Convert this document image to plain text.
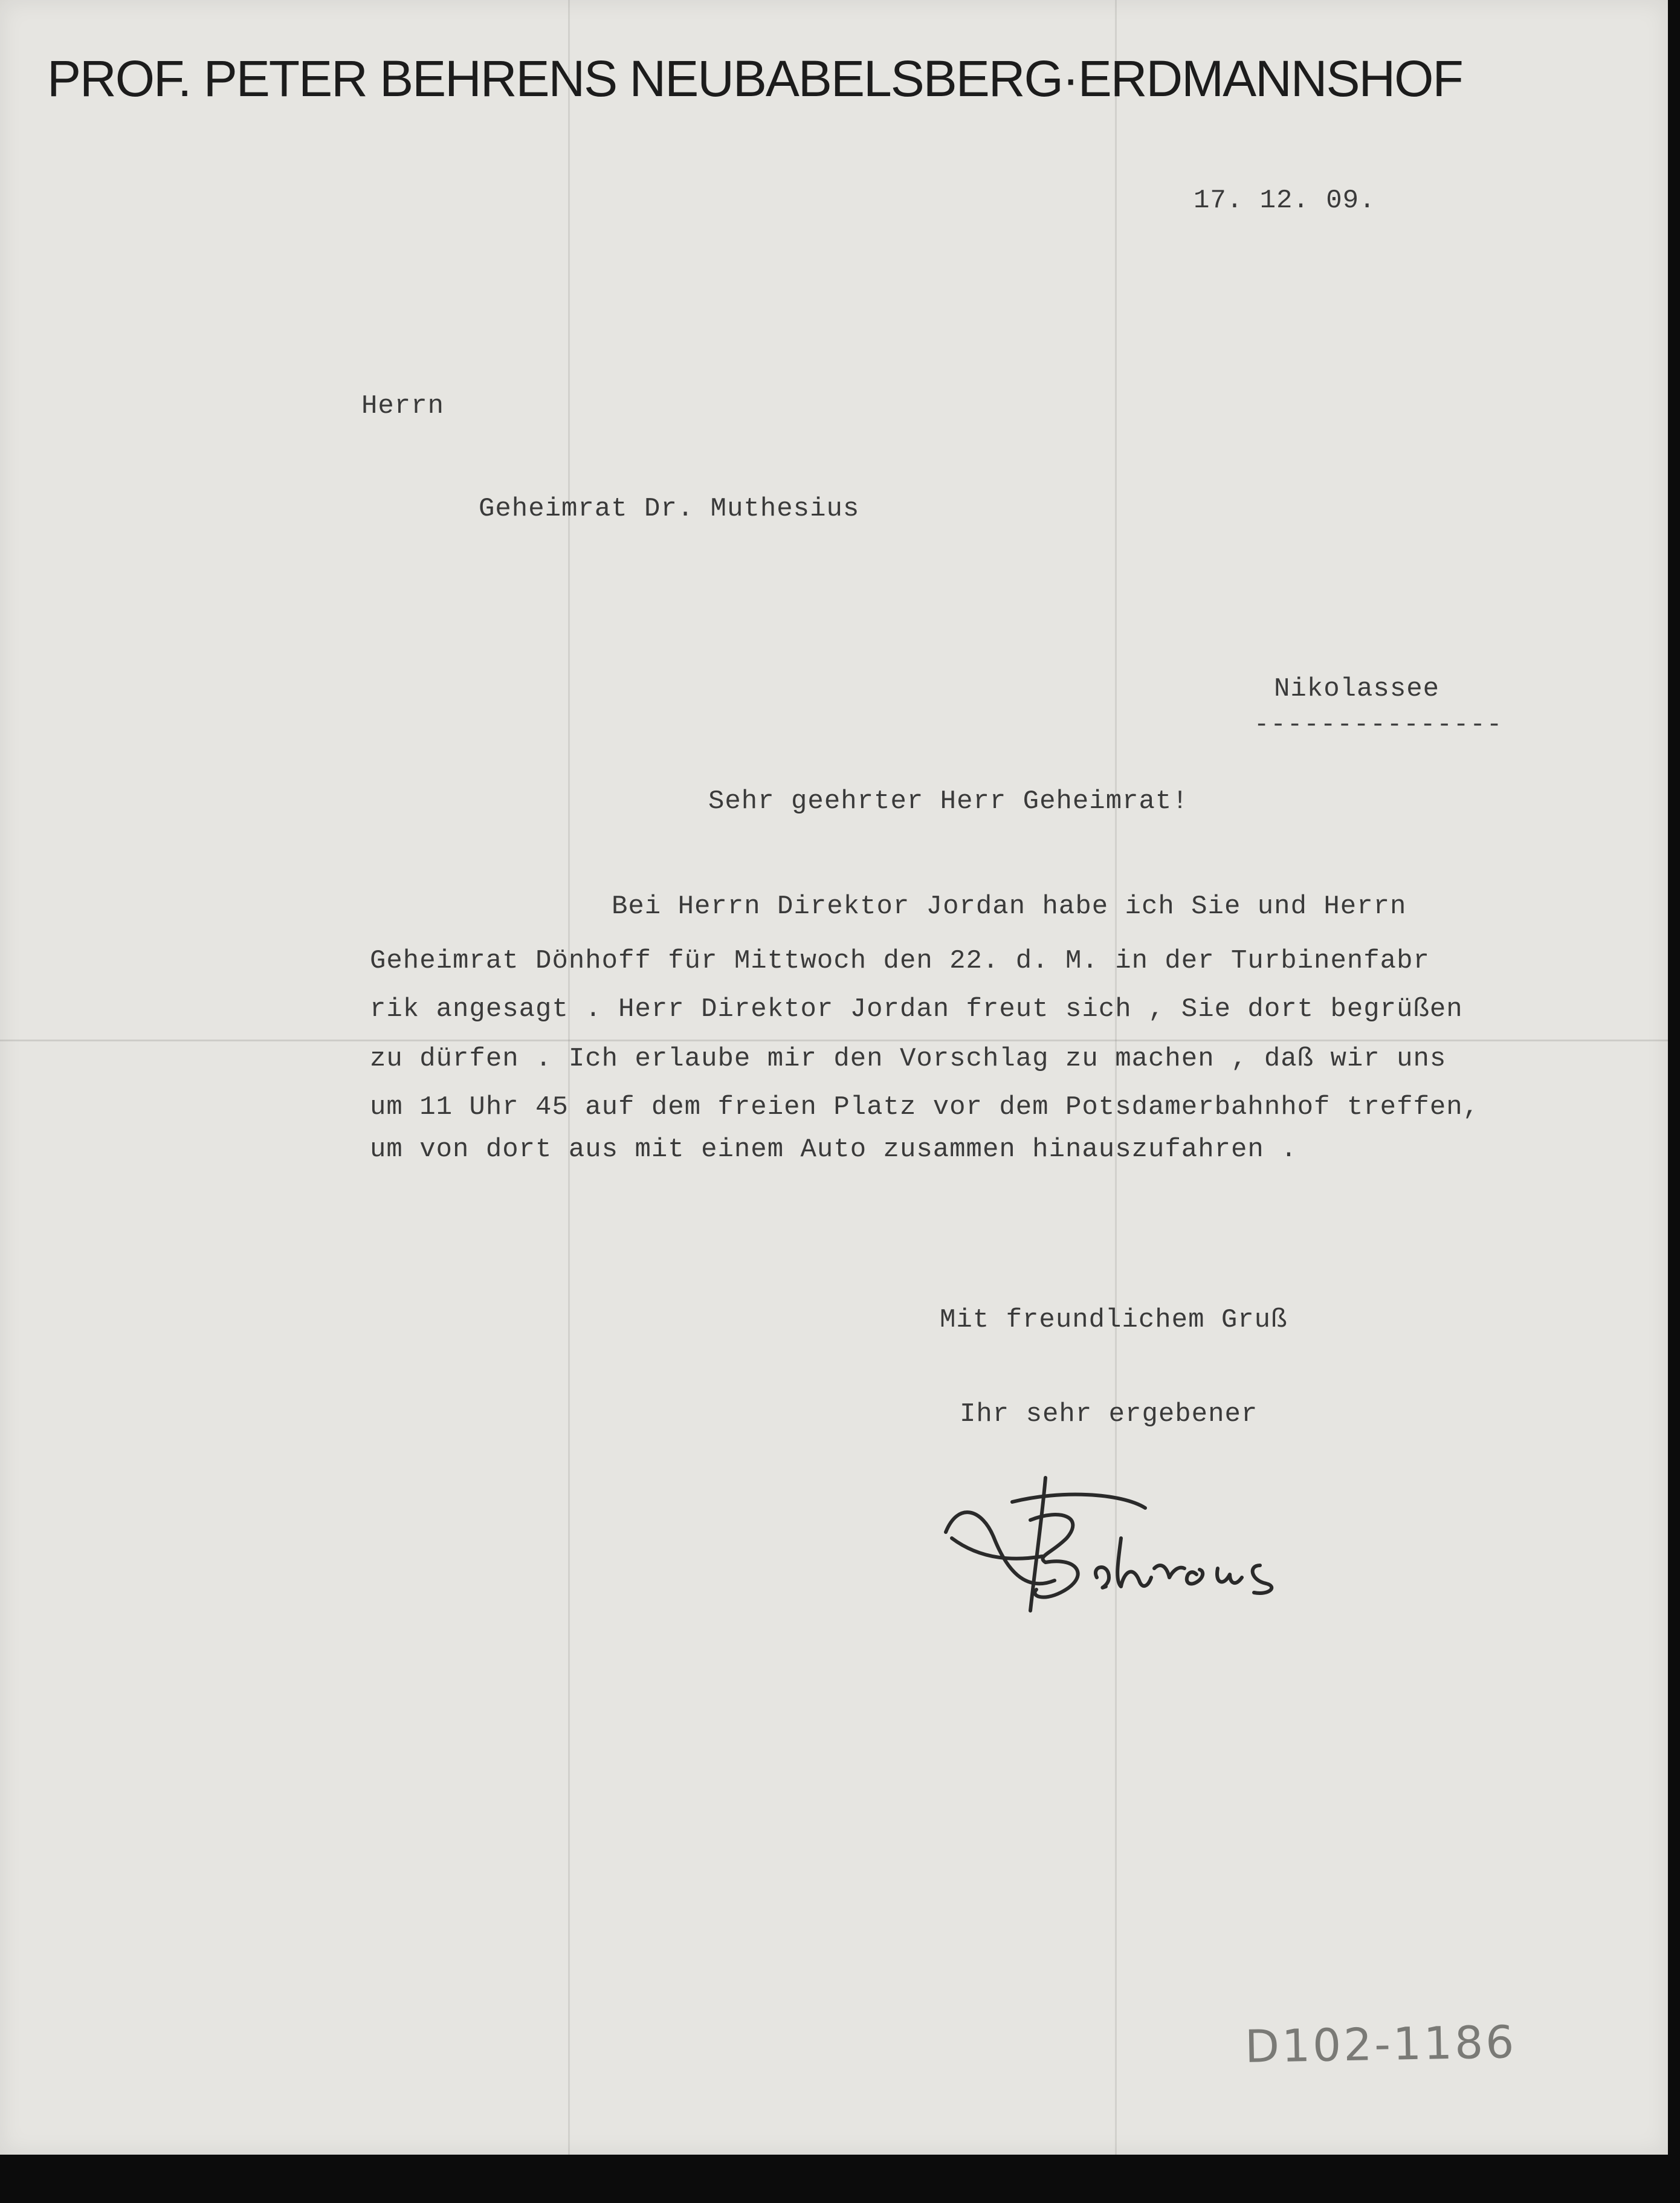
PROF. PETER BEHRENS NEUBABELSBERG·ERDMANNSHOF
17. 12. 09.
Herrn
Geheimrat Dr. Muthesius
Nikolassee
---------------
Sehr geehrter Herr Geheimrat!
Bei Herrn Direktor Jordan habe ich Sie und Herrn
Geheimrat Dönhoff für Mittwoch den 22. d. M. in der Turbinenfabr
rik angesagt . Herr Direktor Jordan freut sich , Sie dort begrüßen
zu dürfen . Ich erlaube mir den Vorschlag zu machen , daß wir uns
um 11 Uhr 45 auf dem freien Platz vor dem Potsdamerbahnhof treffen,
um von dort aus mit einem Auto zusammen hinauszufahren .
Mit freundlichem Gruß
Ihr sehr ergebener
D102-1186
